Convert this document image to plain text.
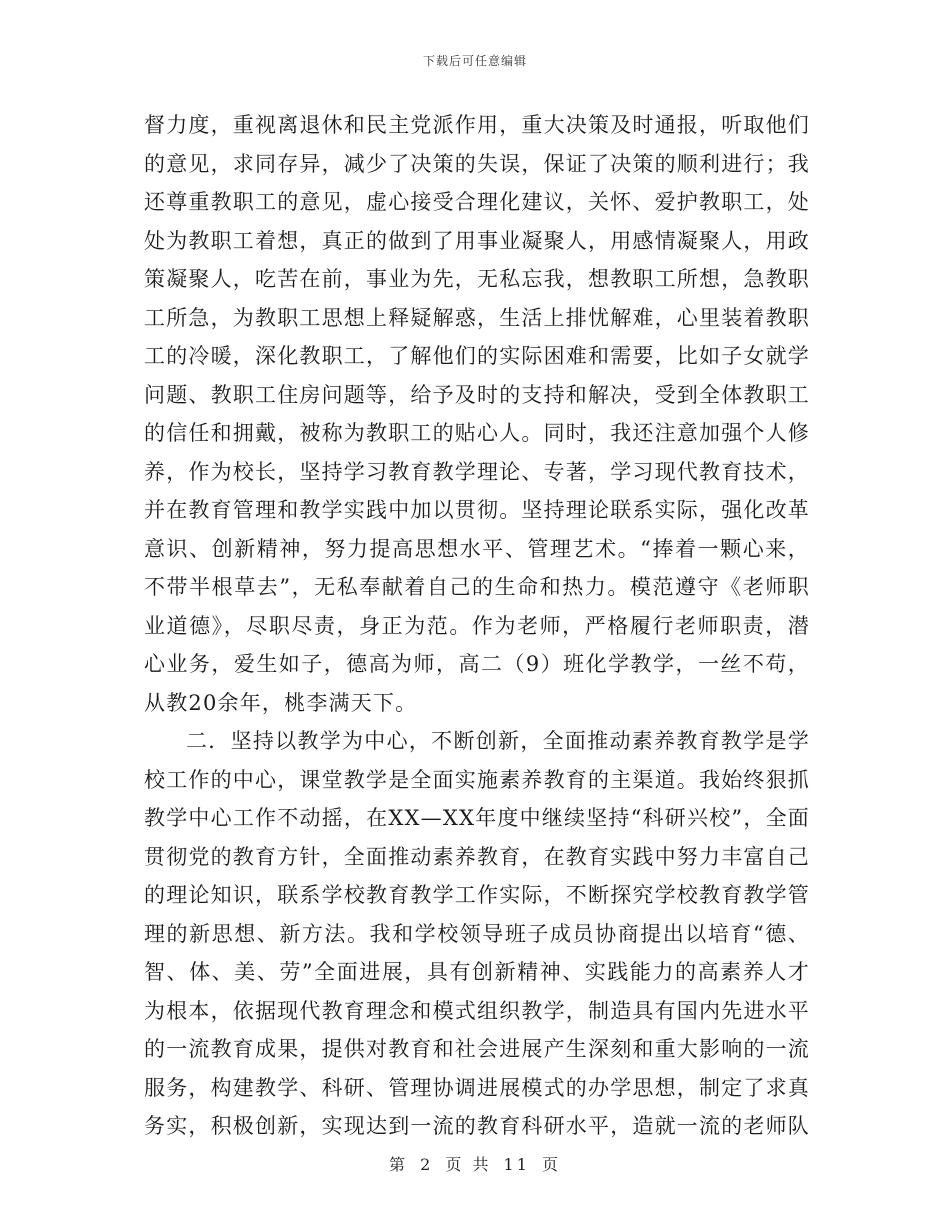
下载后可任意编辑

督力度，重视离退休和民主党派作用，重大决策及时通报，听取他们的意见，求同存异，减少了决策的失误，保证了决策的顺利进行；我还尊重教职工的意见，虚心接受合理化建议，关怀、爱护教职工，处处为教职工着想，真正的做到了用事业凝聚人，用感情凝聚人，用政策凝聚人，吃苦在前，事业为先，无私忘我，想教职工所想，急教职工所急，为教职工思想上释疑解惑，生活上排忧解难，心里装着教职工的冷暖，深化教职工，了解他们的实际困难和需要，比如子女就学问题、教职工住房问题等，给予及时的支持和解决，受到全体教职工的信任和拥戴，被称为教职工的贴心人。同时，我还注意加强个人修养，作为校长，坚持学习教育教学理论、专著，学习现代教育技术，并在教育管理和教学实践中加以贯彻。坚持理论联系实际，强化改革意识、创新精神，努力提高思想水平、管理艺术。“捧着一颗心来，不带半根草去”，无私奉献着自己的生命和热力。模范遵守《老师职业道德》，尽职尽责，身正为范。作为老师，严格履行老师职责，潜心业务，爱生如子，德高为师，高二（9）班化学教学，一丝不苟，从教20余年，桃李满天下。

二．坚持以教学为中心，不断创新，全面推动素养教育教学是学校工作的中心，课堂教学是全面实施素养教育的主渠道。我始终狠抓教学中心工作不动摇，在XX—XX年度中继续坚持“科研兴校”，全面贯彻党的教育方针，全面推动素养教育，在教育实践中努力丰富自己的理论知识，联系学校教育教学工作实际，不断探究学校教育教学管理的新思想、新方法。我和学校领导班子成员协商提出以培育“德、智、体、美、劳”全面进展，具有创新精神、实践能力的高素养人才为根本，依据现代教育理念和模式组织教学，制造具有国内先进水平的一流教育成果，提供对教育和社会进展产生深刻和重大影响的一流服务，构建教学、科研、管理协调进展模式的办学思想，制定了求真务实，积极创新，实现达到一流的教育科研水平，造就一流的老师队

第 2 页 共 11 页
